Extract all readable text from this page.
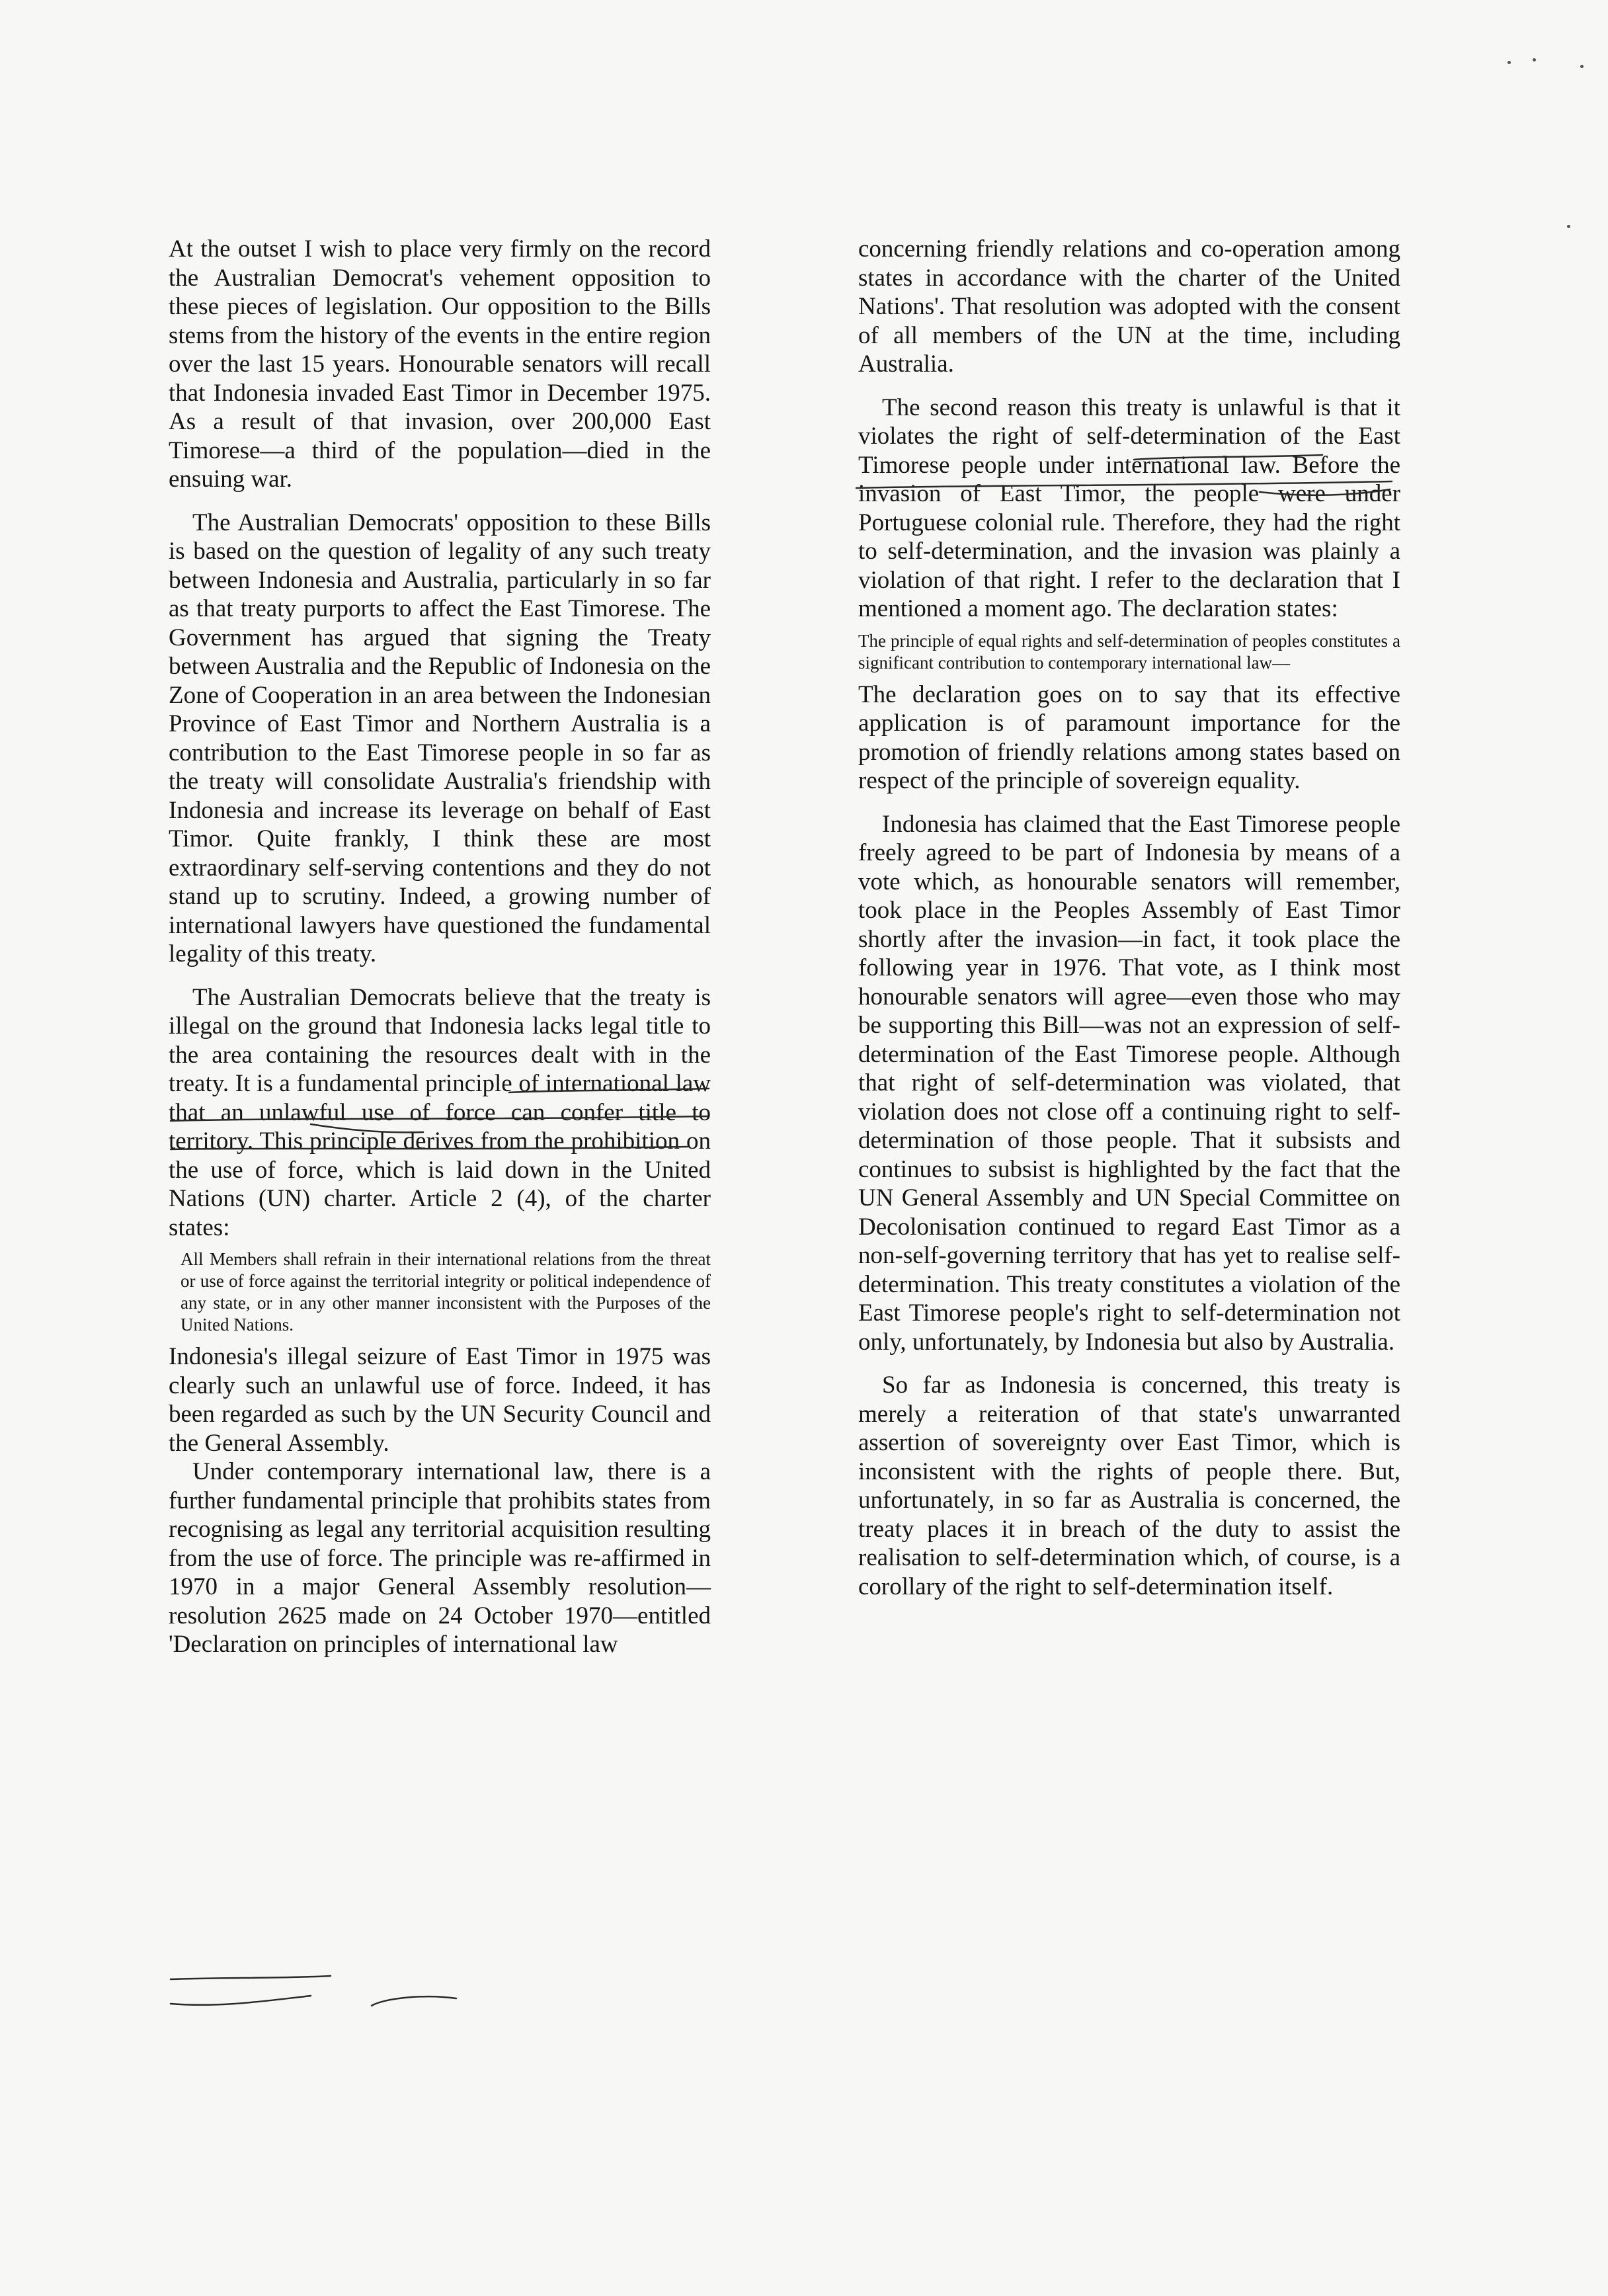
At the outset I wish to place very firmly on the record the Australian Democrat's vehement opposition to these pieces of legislation. Our opposition to the Bills stems from the history of the events in the entire region over the last 15 years. Honourable senators will recall that Indonesia invaded East Timor in December 1975. As a result of that invasion, over 200,000 East Timorese—a third of the population—died in the ensuing war.

The Australian Democrats' opposition to these Bills is based on the question of legality of any such treaty between Indonesia and Australia, particularly in so far as that treaty purports to affect the East Timorese. The Government has argued that signing the Treaty between Australia and the Republic of Indonesia on the Zone of Cooperation in an area between the Indonesian Province of East Timor and Northern Australia is a contribution to the East Timorese people in so far as the treaty will consolidate Australia's friendship with Indonesia and increase its leverage on behalf of East Timor. Quite frankly, I think these are most extraordinary self-serving contentions and they do not stand up to scrutiny. Indeed, a growing number of international lawyers have questioned the fundamental legality of this treaty.

The Australian Democrats believe that the treaty is illegal on the ground that Indonesia lacks legal title to the area containing the resources dealt with in the treaty. It is a fundamental principle of international law that an unlawful use of force can confer title to territory. This principle derives from the prohibition on the use of force, which is laid down in the United Nations (UN) charter. Article 2 (4), of the charter states:

All Members shall refrain in their international relations from the threat or use of force against the territorial integrity or political independence of any state, or in any other manner inconsistent with the Purposes of the United Nations.

Indonesia's illegal seizure of East Timor in 1975 was clearly such an unlawful use of force. Indeed, it has been regarded as such by the UN Security Council and the General Assembly.

Under contemporary international law, there is a further fundamental principle that prohibits states from recognising as legal any territorial acquisition resulting from the use of force. The principle was re-affirmed in 1970 in a major General Assembly resolution—resolution 2625 made on 24 October 1970—entitled 'Declaration on principles of international law

concerning friendly relations and co-operation among states in accordance with the charter of the United Nations'. That resolution was adopted with the consent of all members of the UN at the time, including Australia.

The second reason this treaty is unlawful is that it violates the right of self-determination of the East Timorese people under international law. Before the invasion of East Timor, the people were under Portuguese colonial rule. Therefore, they had the right to self-determination, and the invasion was plainly a violation of that right. I refer to the declaration that I mentioned a moment ago. The declaration states:

The principle of equal rights and self-determination of peoples constitutes a significant contribution to contemporary international law—

The declaration goes on to say that its effective application is of paramount importance for the promotion of friendly relations among states based on respect of the principle of sovereign equality.

Indonesia has claimed that the East Timorese people freely agreed to be part of Indonesia by means of a vote which, as honourable senators will remember, took place in the Peoples Assembly of East Timor shortly after the invasion—in fact, it took place the following year in 1976. That vote, as I think most honourable senators will agree—even those who may be supporting this Bill—was not an expression of self-determination of the East Timorese people. Although that right of self-determination was violated, that violation does not close off a continuing right to self-determination of those people. That it subsists and continues to subsist is highlighted by the fact that the UN General Assembly and UN Special Committee on Decolonisation continued to regard East Timor as a non-self-governing territory that has yet to realise self-determination. This treaty constitutes a violation of the East Timorese people's right to self-determination not only, unfortunately, by Indonesia but also by Australia.

So far as Indonesia is concerned, this treaty is merely a reiteration of that state's unwarranted assertion of sovereignty over East Timor, which is inconsistent with the rights of people there. But, unfortunately, in so far as Australia is concerned, the treaty places it in breach of the duty to assist the realisation to self-determination which, of course, is a corollary of the right to self-determination itself.
